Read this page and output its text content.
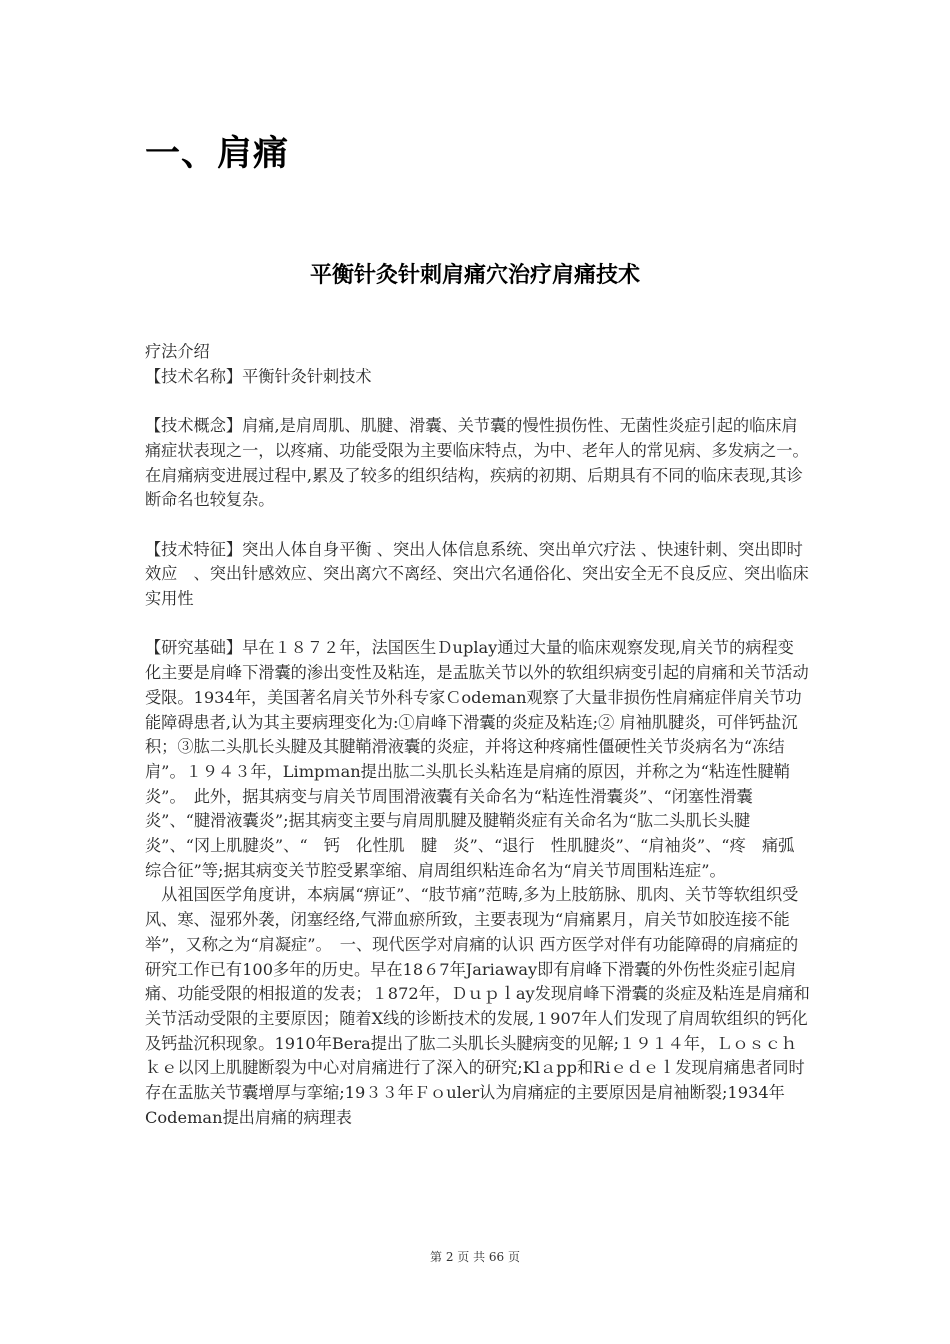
一、肩痛
平衡针灸针刺肩痛穴治疗肩痛技术

疗法介绍

【技术名称】平衡针灸针刺技术

【技术概念】肩痛,是肩周肌、肌腱、滑囊、关节囊的慢性损伤性、无菌性炎症引起的临床肩痛症状表现之一，以疼痛、功能受限为主要临床特点，为中、老年人的常见病、多发病之一。在肩痛病变进展过程中,累及了较多的组织结构，疾病的初期、后期具有不同的临床表现,其诊断命名也较复杂。

【技术特征】突出人体自身平衡 、突出人体信息系统、突出单穴疗法 、快速针刺、突出即时效应　、突出针感效应、突出离穴不离经、突出穴名通俗化、突出安全无不良反应、突出临床实用性

【研究基础】早在１８７２年，法国医生Ｄuplay通过大量的临床观察发现,肩关节的病程变化主要是肩峰下滑囊的渗出变性及粘连，是盂肱关节以外的软组织病变引起的肩痛和关节活动受限。1934年，美国著名肩关节外科专家Ｃodeman观察了大量非损伤性肩痛症伴肩关节功能障碍患者,认为其主要病理变化为:①肩峰下滑囊的炎症及粘连;② 肩袖肌腱炎，可伴钙盐沉积；③肱二头肌长头腱及其腱鞘滑液囊的炎症，并将这种疼痛性僵硬性关节炎病名为“冻结肩”。１９４３年，Limpｍan提出肱二头肌长头粘连是肩痛的原因，并称之为“粘连性腱鞘炎”。　此外，据其病变与肩关节周围滑液囊有关命名为“粘连性滑囊炎”、“闭塞性滑囊炎”、“腱滑液囊炎”;据其病变主要与肩周肌腱及腱鞘炎症有关命名为“肱二头肌长头腱　炎”、“冈上肌腱炎”、“　钙　化性肌　腱　炎”、“退行　性肌腱炎”、“肩袖炎”、“疼　痛弧综合征”等;据其病变关节腔受累挛缩、肩周组织粘连命名为“肩关节周围粘连症”。

　从祖国医学角度讲，本病属“痹证”、“肢节痛”范畴,多为上肢筋脉、肌肉、关节等软组织受风、寒、湿邪外袭，闭塞经络,气滞血瘀所致，主要表现为“肩痛累月，肩关节如胶连接不能举”，又称之为“肩凝症”。　一、现代医学对肩痛的认识 西方医学对伴有功能障碍的肩痛症的研究工作已有100多年的历史。早在18６7年Jariaway即有肩峰下滑囊的外伤性炎症引起肩痛、功能受限的相报道的发表；１872年，Ｄｕｐｌay发现肩峰下滑囊的炎症及粘连是肩痛和关节活动受限的主要原因；随着X线的诊断技术的发展,１907年人们发现了肩周软组织的钙化及钙盐沉积现象。1910年Bera提出了肱二头肌长头腱病变的见解;１９１４年，Ｌｏｓｃｈｋｅ以冈上肌腱断裂为中心对肩痛进行了深入的研究;Klａpp和Riｅｄｅｌ发现肩痛患者同时存在盂肱关节囊增厚与挛缩;19３３年Ｆｏuler认为肩痛症的主要原因是肩袖断裂;1934年Codeman提出肩痛的病理表

第 2 页 共 66 页
